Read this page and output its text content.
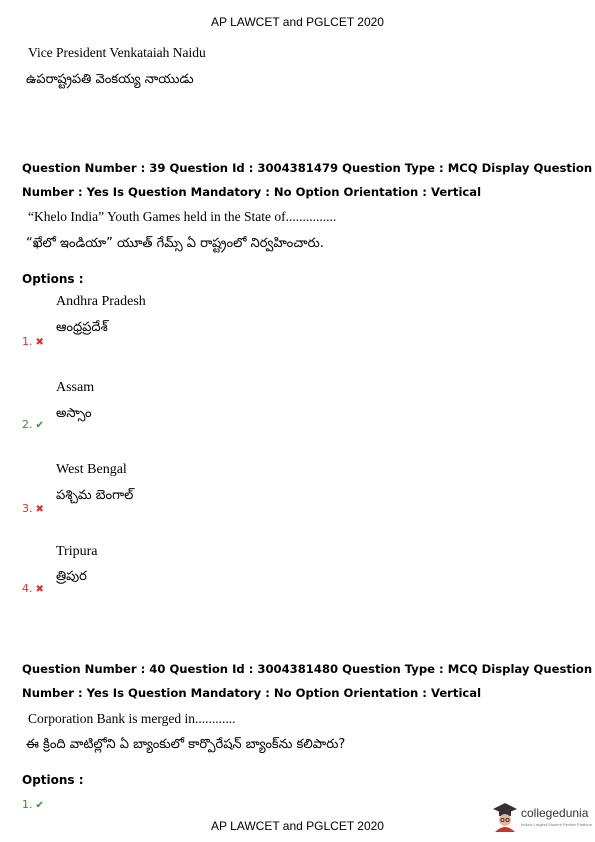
AP LAWCET and PGLCET 2020
Vice President Venkataiah Naidu
ఉపరాష్ట్రపతి వెంకయ్య నాయుడు
Question Number : 39 Question Id : 3004381479 Question Type : MCQ Display Question
Number : Yes Is Question Mandatory : No Option Orientation : Vertical
“Khelo India” Youth Games held in the State of...............
“ఖేలో ఇండియా” యూత్ గేమ్స్ ఏ రాష్ట్రంలో నిర్వహించారు.
Options :
Andhra Pradesh
1. ✖
ఆంధ్రప్రదేశ్
Assam
2. ✔
అస్సాం
West Bengal
3. ✖
పశ్చిమ బెంగాల్
Tripura
4. ✖
త్రిపుర
Question Number : 40 Question Id : 3004381480 Question Type : MCQ Display Question
Number : Yes Is Question Mandatory : No Option Orientation : Vertical
Corporation Bank is merged in............
ఈ క్రింది వాటిల్లోని ఏ బ్యాంకులో కార్పొరేషన్ బ్యాంక్‌ను కలిపారు?
Options :
1. ✔
AP LAWCET and PGLCET 2020
collegedunia
India's Largest Student Review Platform
